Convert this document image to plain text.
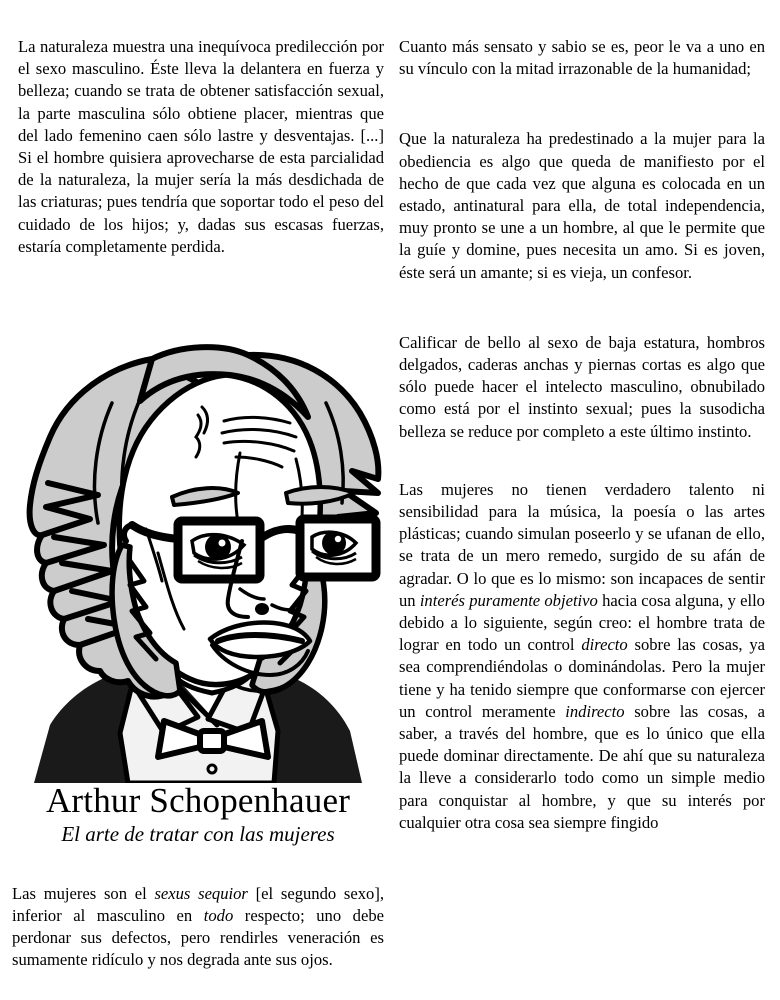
La naturaleza muestra una inequívoca predilección por el sexo masculino. Éste lleva la delantera en fuerza y belleza; cuando se trata de obtener satisfacción sexual, la parte masculina sólo obtiene placer, mientras que del lado femenino caen sólo lastre y desventajas. [...] Si el hombre quisiera aprovecharse de esta parcialidad de la naturaleza, la mujer sería la más desdichada de las criaturas; pues tendría que soportar todo el peso del cuidado de los hijos; y, dadas sus escasas fuerzas, estaría completamente perdida.

Arthur Schopenhauer
El arte de tratar con las mujeres

Las mujeres son el sexus sequior [el segundo sexo], inferior al masculino en todo respecto; uno debe perdonar sus defectos, pero rendirles veneración es sumamente ridículo y nos degrada ante sus ojos.

Cuanto más sensato y sabio se es, peor le va a uno en su vínculo con la mitad irrazonable de la humanidad;

Que la naturaleza ha predestinado a la mujer para la obediencia es algo que queda de manifiesto por el hecho de que cada vez que alguna es colocada en un estado, antinatural para ella, de total independencia, muy pronto se une a un hombre, al que le permite que la guíe y domine, pues necesita un amo. Si es joven, éste será un amante; si es vieja, un confesor.

Calificar de bello al sexo de baja estatura, hombros delgados, caderas anchas y piernas cortas es algo que sólo puede hacer el intelecto masculino, obnubilado como está por el instinto sexual; pues la susodicha belleza se reduce por completo a este último instinto.

Las mujeres no tienen verdadero talento ni sensibilidad para la música, la poesía o las artes plásticas; cuando simulan poseerlo y se ufanan de ello, se trata de un mero remedo, surgido de su afán de agradar. O lo que es lo mismo: son incapaces de sentir un interés puramente objetivo hacia cosa alguna, y ello debido a lo siguiente, según creo: el hombre trata de lograr en todo un control directo sobre las cosas, ya sea comprendiéndolas o dominándolas. Pero la mujer tiene y ha tenido siempre que conformarse con ejercer un control meramente indirecto sobre las cosas, a saber, a través del hombre, que es lo único que ella puede dominar directamente. De ahí que su naturaleza la lleve a considerarlo todo como un simple medio para conquistar al hombre, y que su interés por cualquier otra cosa sea siempre fingido
